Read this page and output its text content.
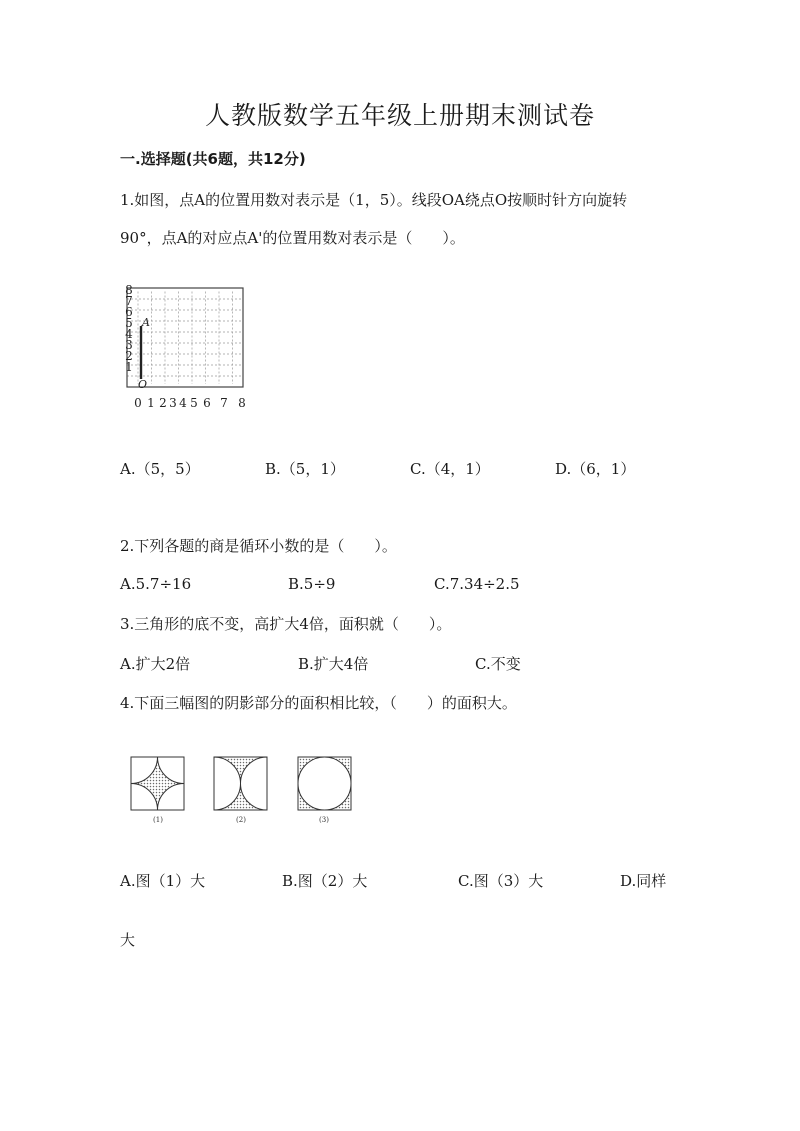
人教版数学五年级上册期末测试卷
一.选择题(共6题，共12分)
1.如图，点A的位置用数对表示是（1，5）。线段OA绕点O按顺时针方向旋转
90°，点A的对应点A'的位置用数对表示是（　　）。
8
7
6
5
4
3
2
1
0 1 2 3 4 5 6 7 8
A
O
A.（5，5）	B.（5，1）	C.（4，1）	D.（6，1）
2.下列各题的商是循环小数的是（　　）。
A.5.7÷16	B.5÷9	C.7.34÷2.5
3.三角形的底不变，高扩大4倍，面积就（　　）。
A.扩大2倍	B.扩大4倍	C.不变
4.下面三幅图的阴影部分的面积相比较，（　　）的面积大。
(1)	(2)	(3)
A.图（1）大	B.图（2）大	C.图（3）大	D.同样
大
